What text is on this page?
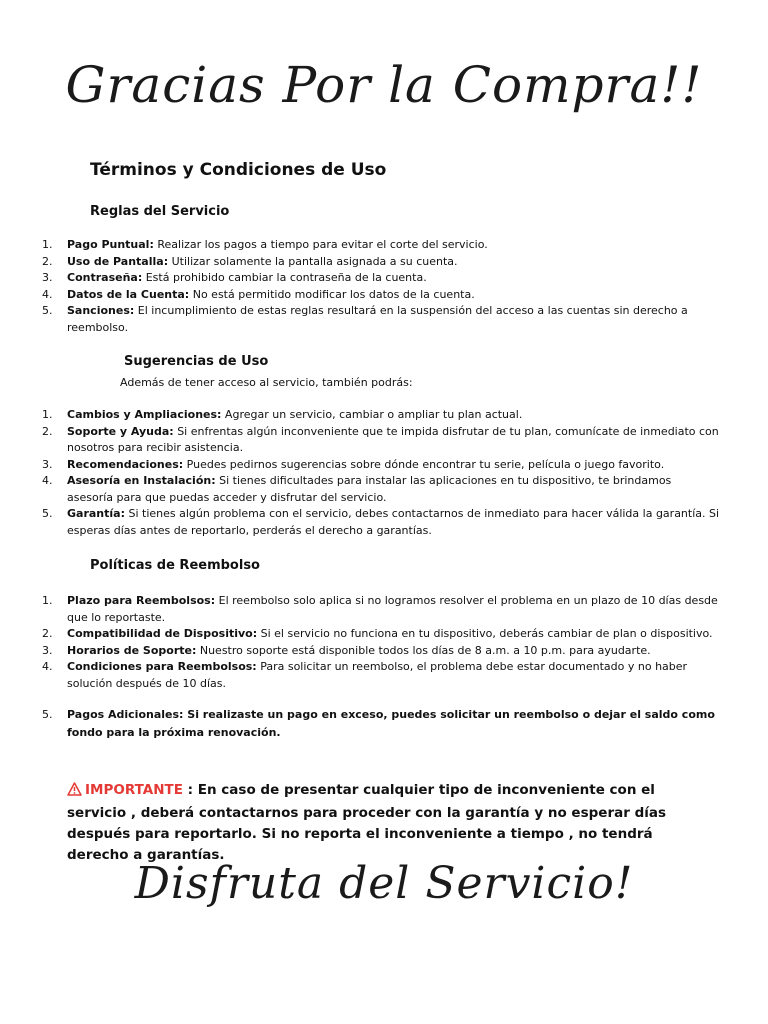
Gracias Por la Compra!!
Términos y Condiciones de Uso
Reglas del Servicio
1. Pago Puntual: Realizar los pagos a tiempo para evitar el corte del servicio.
2. Uso de Pantalla: Utilizar solamente la pantalla asignada a su cuenta.
3. Contraseña: Está prohibido cambiar la contraseña de la cuenta.
4. Datos de la Cuenta: No está permitido modificar los datos de la cuenta.
5. Sanciones: El incumplimiento de estas reglas resultará en la suspensión del acceso a las cuentas sin derecho a reembolso.
Sugerencias de Uso

Además de tener acceso al servicio, también podrás:

1. Cambios y Ampliaciones: Agregar un servicio, cambiar o ampliar tu plan actual.
2. Soporte y Ayuda: Si enfrentas algún inconveniente que te impida disfrutar de tu plan, comunícate de inmediato con nosotros para recibir asistencia.
3. Recomendaciones: Puedes pedirnos sugerencias sobre dónde encontrar tu serie, película o juego favorito.
4. Asesoría en Instalación: Si tienes dificultades para instalar las aplicaciones en tu dispositivo, te brindamos asesoría para que puedas acceder y disfrutar del servicio.
5. Garantía: Si tienes algún problema con el servicio, debes contactarnos de inmediato para hacer válida la garantía. Si esperas días antes de reportarlo, perderás el derecho a garantías.
Políticas de Reembolso
1. Plazo para Reembolsos: El reembolso solo aplica si no logramos resolver el problema en un plazo de 10 días desde que lo reportaste.
2. Compatibilidad de Dispositivo: Si el servicio no funciona en tu dispositivo, deberás cambiar de plan o dispositivo.
3. Horarios de Soporte: Nuestro soporte está disponible todos los días de 8 a.m. a 10 p.m. para ayudarte.
4. Condiciones para Reembolsos: Para solicitar un reembolso, el problema debe estar documentado y no haber solución después de 10 días.
5. Pagos Adicionales: Si realizaste un pago en exceso, puedes solicitar un reembolso o dejar el saldo como fondo para la próxima renovación.

IMPORTANTE : En caso de presentar cualquier tipo de inconveniente con el servicio , deberá contactarnos para proceder con la garantía y no esperar días después para reportarlo. Si no reporta el inconveniente a tiempo , no tendrá derecho a garantías.

Disfruta del Servicio!
